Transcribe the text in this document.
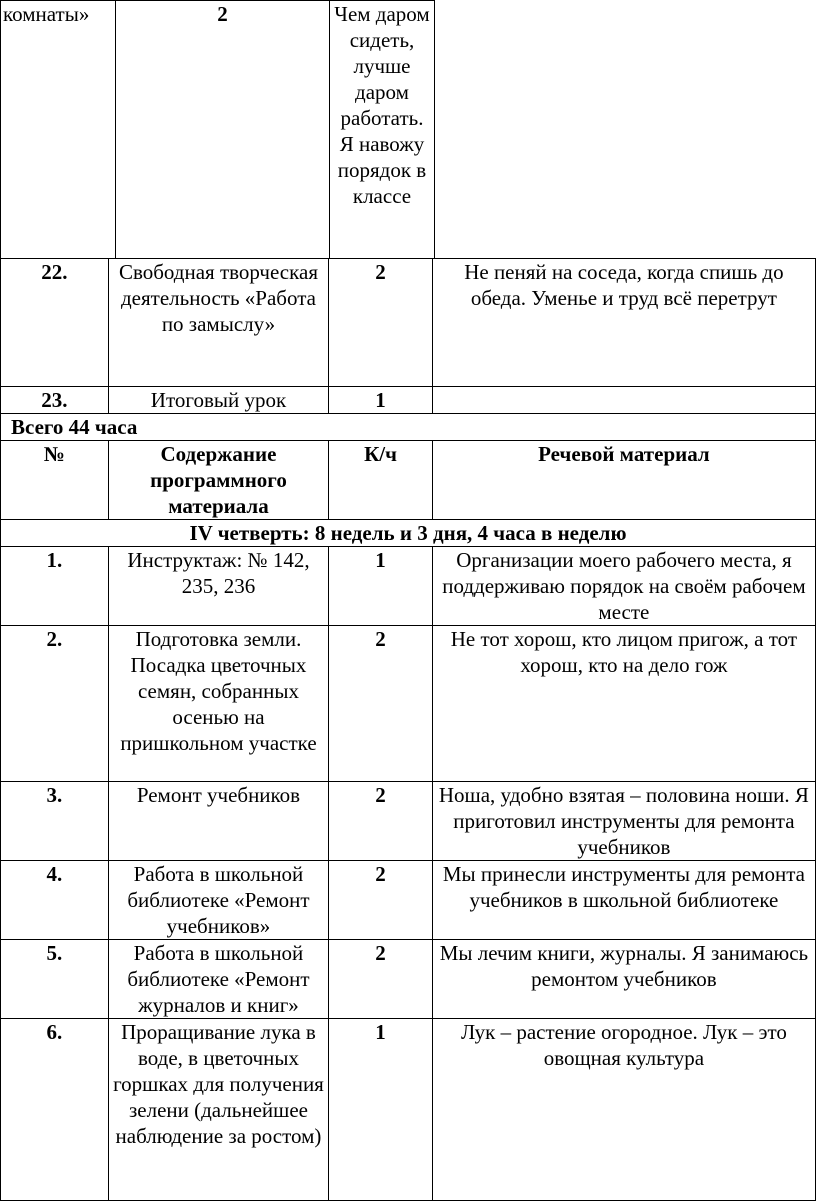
комнаты»	2	Чем даром сидеть, лучше даром работать. Я навожу порядок в классе
22.	Свободная творческая деятельность «Работа по замыслу»	2	Не пеняй на соседа, когда спишь до обеда. Уменье и труд всё перетрут
23.	Итоговый урок	1	
Всего 44 часа			
№	Содержание программного материала	К/ч	Речевой материал
IV четверть: 8 недель и 3 дня, 4 часа в неделю			
1.	Инструктаж: № 142, 235, 236	1	Организации моего рабочего места, я поддерживаю порядок на своём рабочем месте
2.	Подготовка земли. Посадка цветочных семян, собранных осенью на пришкольном участке	2	Не тот хорош, кто лицом пригож, а тот хорош, кто на дело гож
3.	Ремонт учебников	2	Ноша, удобно взятая – половина ноши. Я приготовил инструменты для ремонта учебников
4.	Работа в школьной библиотеке «Ремонт учебников»	2	Мы принесли инструменты для ремонта учебников в школьной библиотеке
5.	Работа в школьной библиотеке «Ремонт журналов и книг»	2	Мы лечим книги, журналы. Я занимаюсь ремонтом учебников
6.	Проращивание лука в воде, в цветочных горшках для получения зелени (дальнейшее наблюдение за ростом)	1	Лук – растение огородное. Лук – это овощная культура
